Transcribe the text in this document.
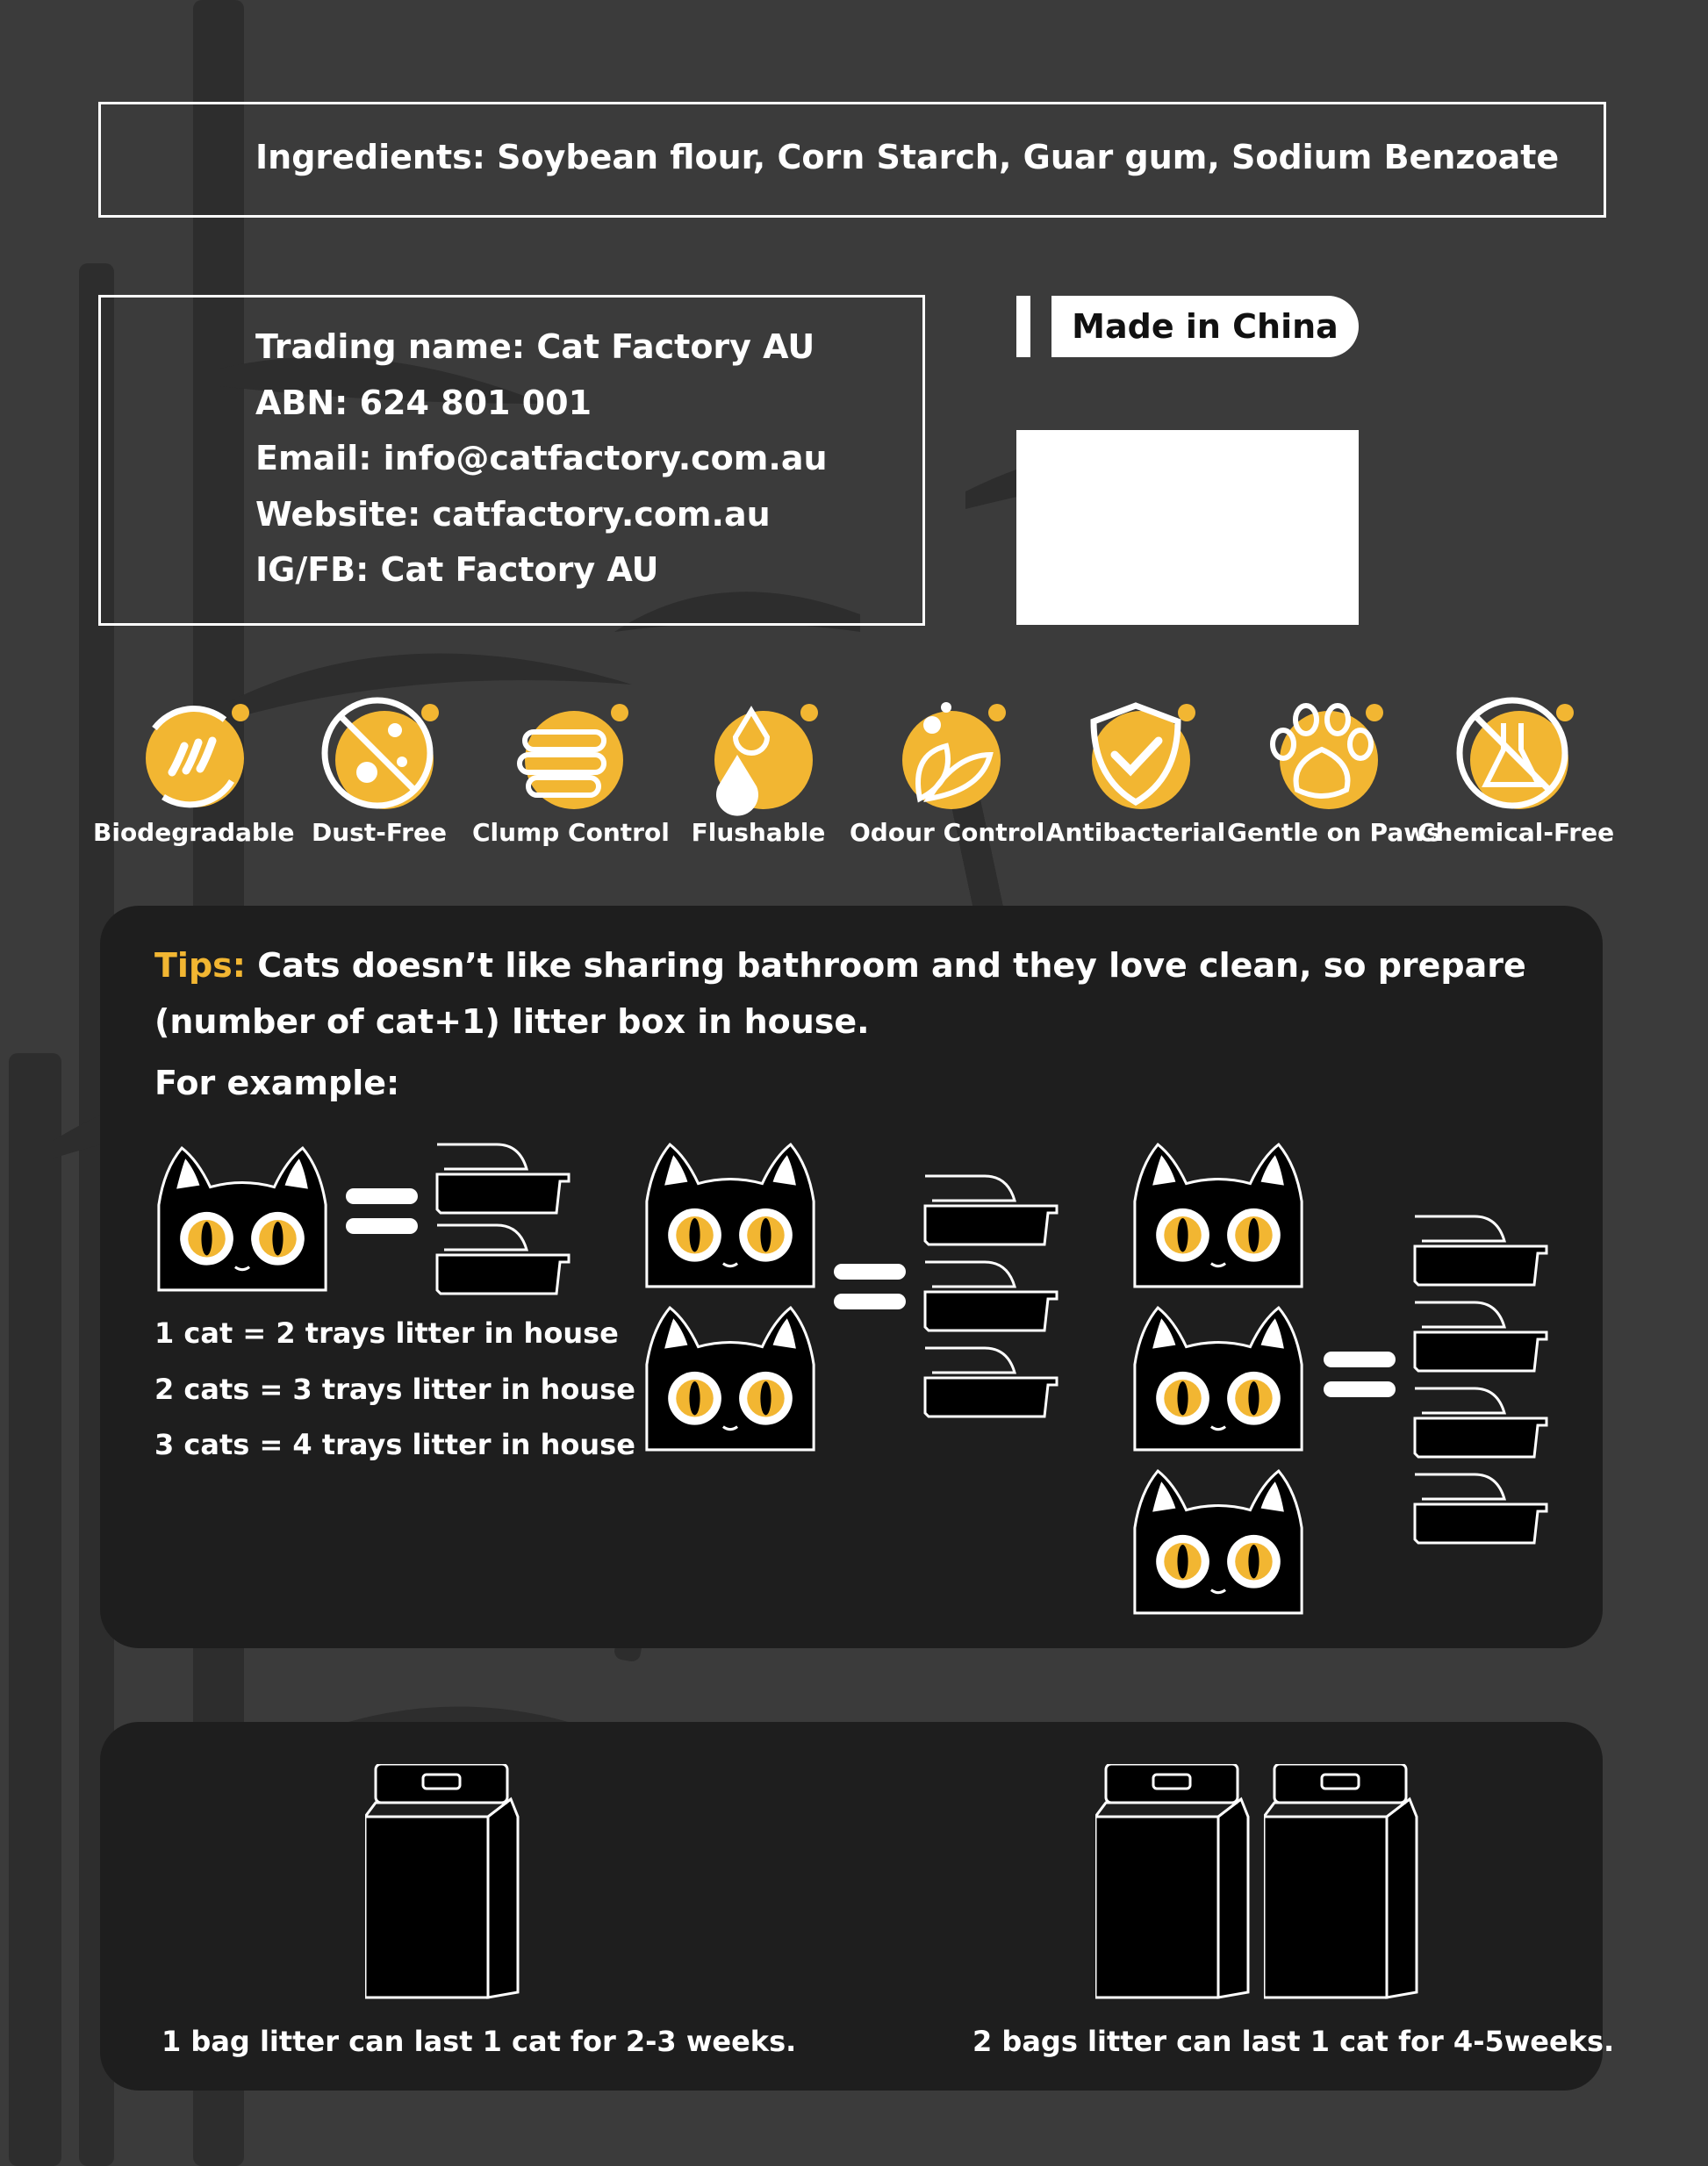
Ingredients: Soybean flour, Corn Starch, Guar gum, Sodium Benzoate
Trading name: Cat Factory AU
ABN: 624 801 001
Email: info@catfactory.com.au
Website: catfactory.com.au
IG/FB: Cat Factory AU
Made in China
Biodegradable Dust-Free	Clump Control Flushable Odour Control Antibacterial Gentle on Paws
Chemical-Free
Tips: Cats doesn’t like sharing bathroom and they love clean, so prepare (number of cat+1) litter box in house.
For example:
1 cat = 2 trays litter in house
2 cats = 3 trays litter in house
3 cats = 4 trays litter in house
1 bag litter can last 1 cat for 2-3 weeks.	2 bags litter can last 1 cat for 4-5weeks.
